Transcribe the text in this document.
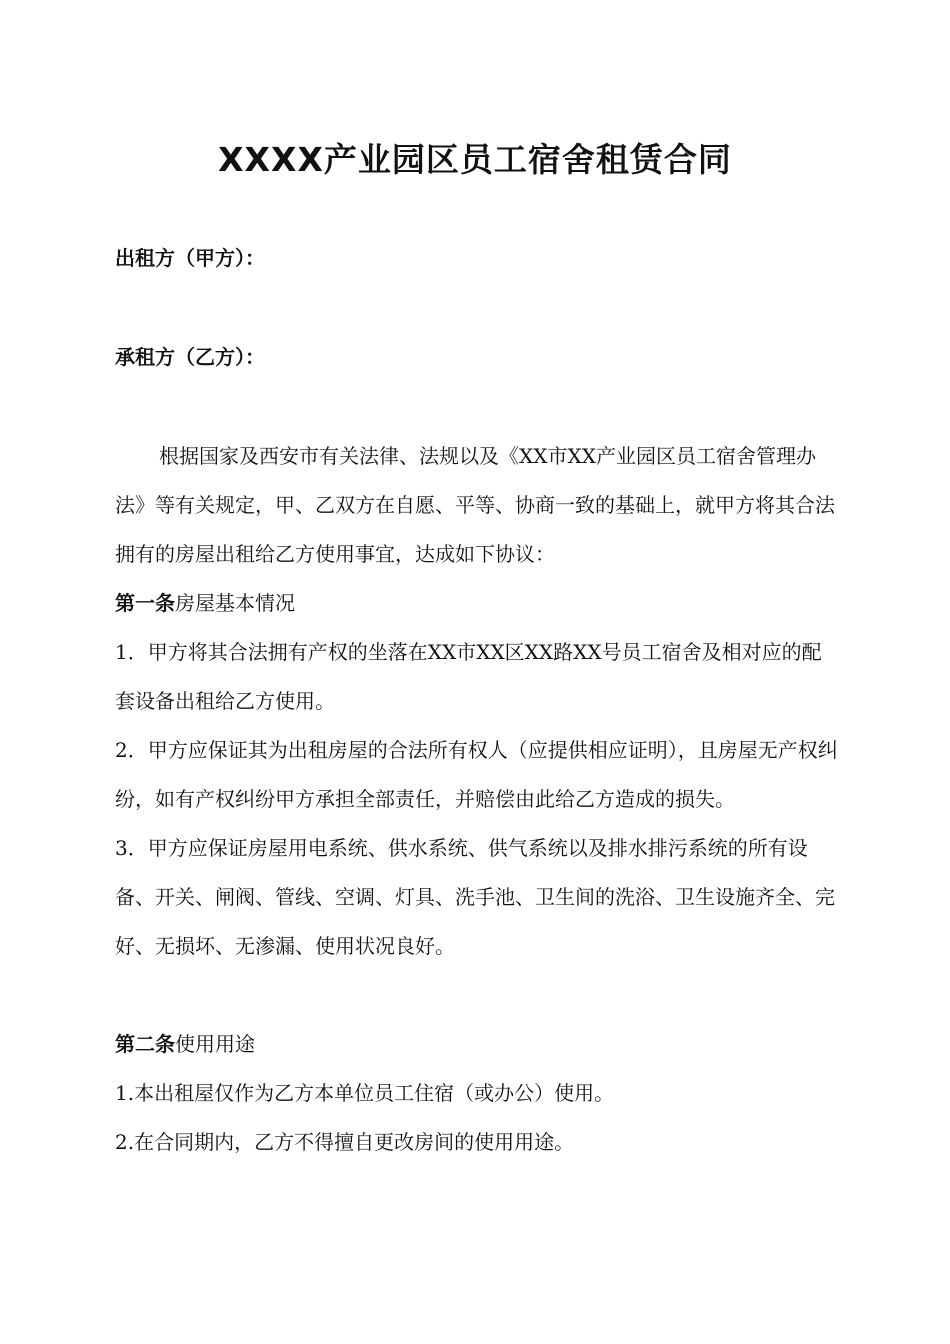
XXXX产业园区员工宿舍租赁合同

出租方（甲方）：

承租方（乙方）：

根据国家及西安市有关法律、法规以及《XX市XX产业园区员工宿舍管理办法》等有关规定，甲、乙双方在自愿、平等、协商一致的基础上，就甲方将其合法拥有的房屋出租给乙方使用事宜，达成如下协议：

第一条房屋基本情况

1．甲方将其合法拥有产权的坐落在XX市XX区XX路XX号员工宿舍及相对应的配套设备出租给乙方使用。

2．甲方应保证其为出租房屋的合法所有权人（应提供相应证明），且房屋无产权纠纷，如有产权纠纷甲方承担全部责任，并赔偿由此给乙方造成的损失。

3．甲方应保证房屋用电系统、供水系统、供气系统以及排水排污系统的所有设备、开关、闸阀、管线、空调、灯具、洗手池、卫生间的洗浴、卫生设施齐全、完好、无损坏、无渗漏、使用状况良好。

第二条使用用途

1.本出租屋仅作为乙方本单位员工住宿（或办公）使用。

2.在合同期内，乙方不得擅自更改房间的使用用途。
